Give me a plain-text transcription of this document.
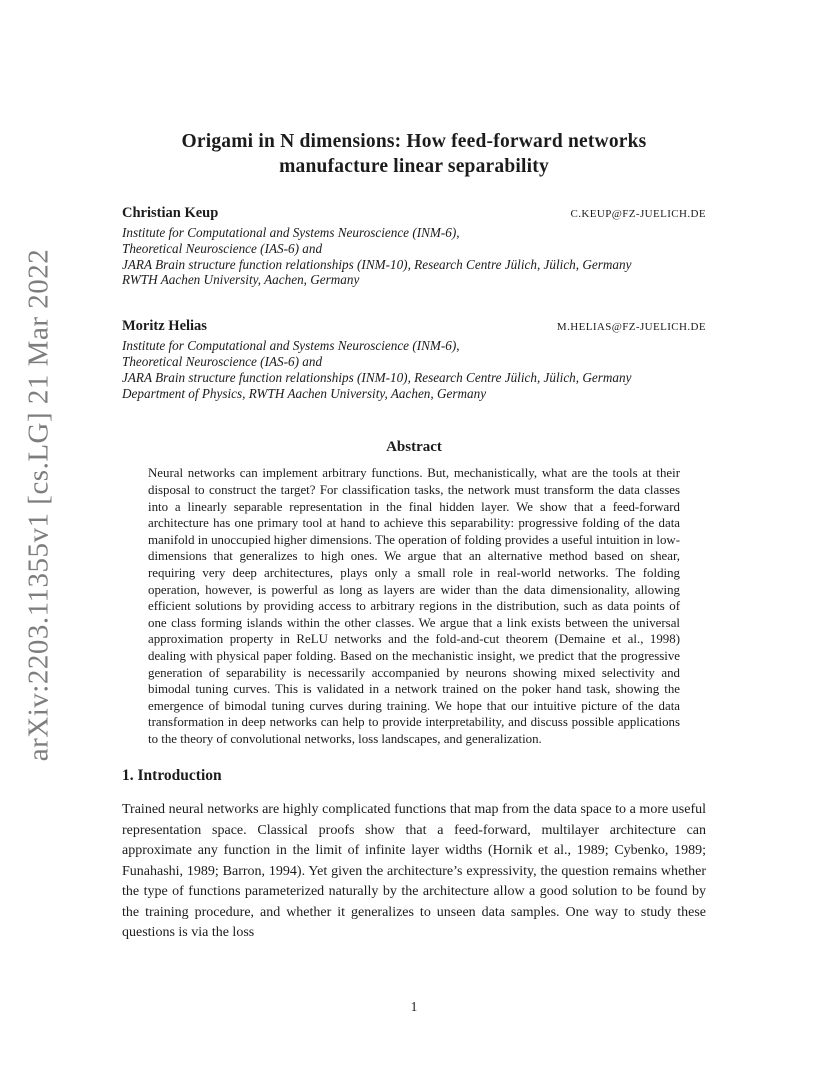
arXiv:2203.11355v1 [cs.LG] 21 Mar 2022
Origami in N dimensions: How feed-forward networks
manufacture linear separability
Christian Keup	C.KEUP@FZ-JUELICH.DE
Institute for Computational and Systems Neuroscience (INM-6),
Theoretical Neuroscience (IAS-6) and
JARA Brain structure function relationships (INM-10), Research Centre Jülich, Jülich, Germany
RWTH Aachen University, Aachen, Germany
Moritz Helias	M.HELIAS@FZ-JUELICH.DE
Institute for Computational and Systems Neuroscience (INM-6),
Theoretical Neuroscience (IAS-6) and
JARA Brain structure function relationships (INM-10), Research Centre Jülich, Jülich, Germany
Department of Physics, RWTH Aachen University, Aachen, Germany
Abstract
Neural networks can implement arbitrary functions. But, mechanistically, what are the tools at their disposal to construct the target? For classification tasks, the network must transform the data classes into a linearly separable representation in the final hidden layer. We show that a feed-forward architecture has one primary tool at hand to achieve this separability: progressive folding of the data manifold in unoccupied higher dimensions. The operation of folding provides a useful intuition in low-dimensions that generalizes to high ones. We argue that an alternative method based on shear, requiring very deep architectures, plays only a small role in real-world networks. The folding operation, however, is powerful as long as layers are wider than the data dimensionality, allowing efficient solutions by providing access to arbitrary regions in the distribution, such as data points of one class forming islands within the other classes. We argue that a link exists between the universal approximation property in ReLU networks and the fold-and-cut theorem (Demaine et al., 1998) dealing with physical paper folding. Based on the mechanistic insight, we predict that the progressive generation of separability is necessarily accompanied by neurons showing mixed selectivity and bimodal tuning curves. This is validated in a network trained on the poker hand task, showing the emergence of bimodal tuning curves during training. We hope that our intuitive picture of the data transformation in deep networks can help to provide interpretability, and discuss possible applications to the theory of convolutional networks, loss landscapes, and generalization.
1. Introduction
Trained neural networks are highly complicated functions that map from the data space to a more useful representation space. Classical proofs show that a feed-forward, multilayer architecture can approximate any function in the limit of infinite layer widths (Hornik et al., 1989; Cybenko, 1989; Funahashi, 1989; Barron, 1994). Yet given the architecture’s expressivity, the question remains whether the type of functions parameterized naturally by the architecture allow a good solution to be found by the training procedure, and whether it generalizes to unseen data samples. One way to study these questions is via the loss
1
